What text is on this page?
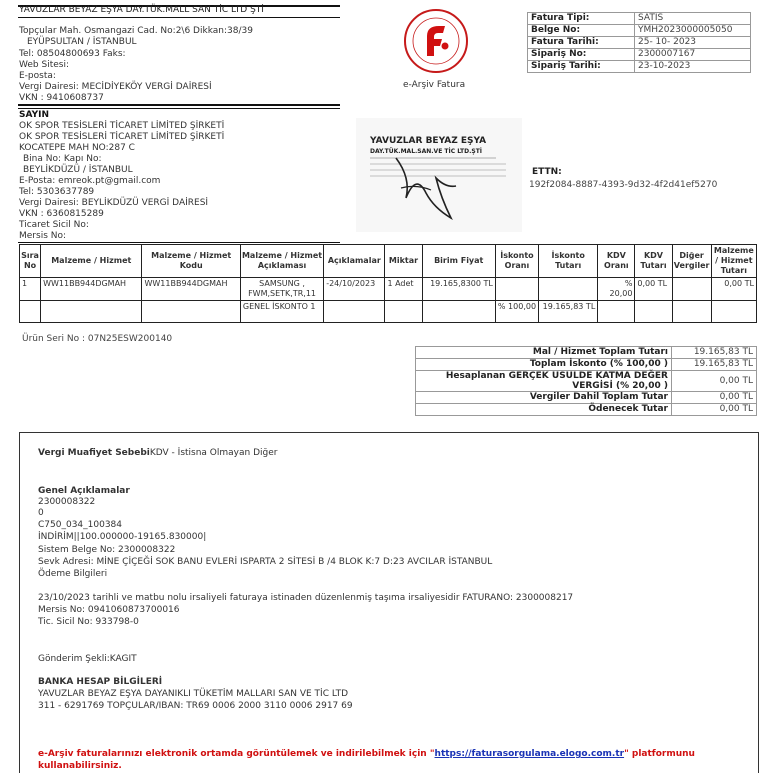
YAVUZLAR BEYAZ EŞYA DAY.TÜK.MALL SAN TİC LTD ŞTİ
Topçular Mah. Osmangazi Cad. No:2\6 Dikkan:38/39
EYÜPSULTAN / İSTANBUL
Tel: 08504800693 Faks:
Web Sitesi:
E-posta:
Vergi Dairesi: MECİDİYEKÖY VERGİ DAİRESİ
VKN : 9410608737
e-Arşiv Fatura
Fatura Tipi:	SATIS
Belge No:	YMH2023000005050
Fatura Tarihi:	25- 10- 2023
Sipariş No:	2300007167
Sipariş Tarihi:	23-10-2023
SAYIN
OK SPOR TESİSLERİ TİCARET LİMİTED ŞİRKETİ
OK SPOR TESİSLERİ TİCARET LİMİTED ŞİRKETİ
KOCATEPE MAH NO:287 C
Bina No: Kapı No:
BEYLİKDÜZÜ / İSTANBUL
E-Posta: emreok.pt@gmail.com
Tel: 5303637789
Vergi Dairesi: BEYLİKDÜZÜ VERGİ DAİRESİ
VKN : 6360815289
Ticaret Sicil No:
Mersis No:
YAVUZLAR BEYAZ EŞYA
DAY.TÜK.MAL.SAN.VE TİC LTD.ŞTİ
ETTN:
192f2084-8887-4393-9d32-4f2d41ef5270
Sıra No	Malzeme / Hizmet	Malzeme / Hizmet Kodu	Malzeme / Hizmet Açıklaması	Açıklamalar	Miktar	Birim Fiyat	İskonto Oranı	İskonto Tutarı	KDV Oranı	KDV Tutarı	Diğer Vergiler	Malzeme / Hizmet Tutarı
1	WW11BB944DGMAH	WW11BB944DGMAH	SAMSUNG , FWM,SETK,TR,11	-24/10/2023	1 Adet	19.165,8300 TL			% 20,00	0,00 TL		0,00 TL
			GENEL İSKONTO 1				% 100,00	19.165,83 TL				
Ürün Seri No : 07N25ESW200140
Mal / Hizmet Toplam Tutarı	19.165,83 TL
Toplam İskonto (% 100,00 )	19.165,83 TL
Hesaplanan GERÇEK USULDE KATMA DEĞER VERGİSİ (% 20,00 )	0,00 TL
Vergiler Dahil Toplam Tutar	0,00 TL
Ödenecek Tutar	0,00 TL
Vergi Muafiyet SebebiKDV - İstisna Olmayan Diğer
Genel Açıklamalar
2300008322
0
C750_034_100384
İNDİRİM||100.000000-19165.830000|
Sistem Belge No: 2300008322
Sevk Adresi: MİNE ÇİÇEĞİ SOK BANU EVLERİ ISPARTA 2 SİTESİ B /4 BLOK K:7 D:23 AVCILAR İSTANBUL
Ödeme Bilgileri
23/10/2023 tarihli ve matbu nolu irsaliyeli faturaya istinaden düzenlenmiş taşıma irsaliyesidir FATURANO: 2300008217
Mersis No: 0941060873700016
Tic. Sicil No: 933798-0
Gönderim Şekli:KAGIT
BANKA HESAP BİLGİLERİ
YAVUZLAR BEYAZ EŞYA DAYANIKLI TÜKETİM MALLARI SAN VE TİC LTD
311 - 6291769 TOPÇULAR/IBAN: TR69 0006 2000 3110 0006 2917 69
e-Arşiv faturalarınızı elektronik ortamda görüntülemek ve indirilebilmek için "https://faturasorgulama.elogo.com.tr" platformunu
kullanabilirsiniz.
